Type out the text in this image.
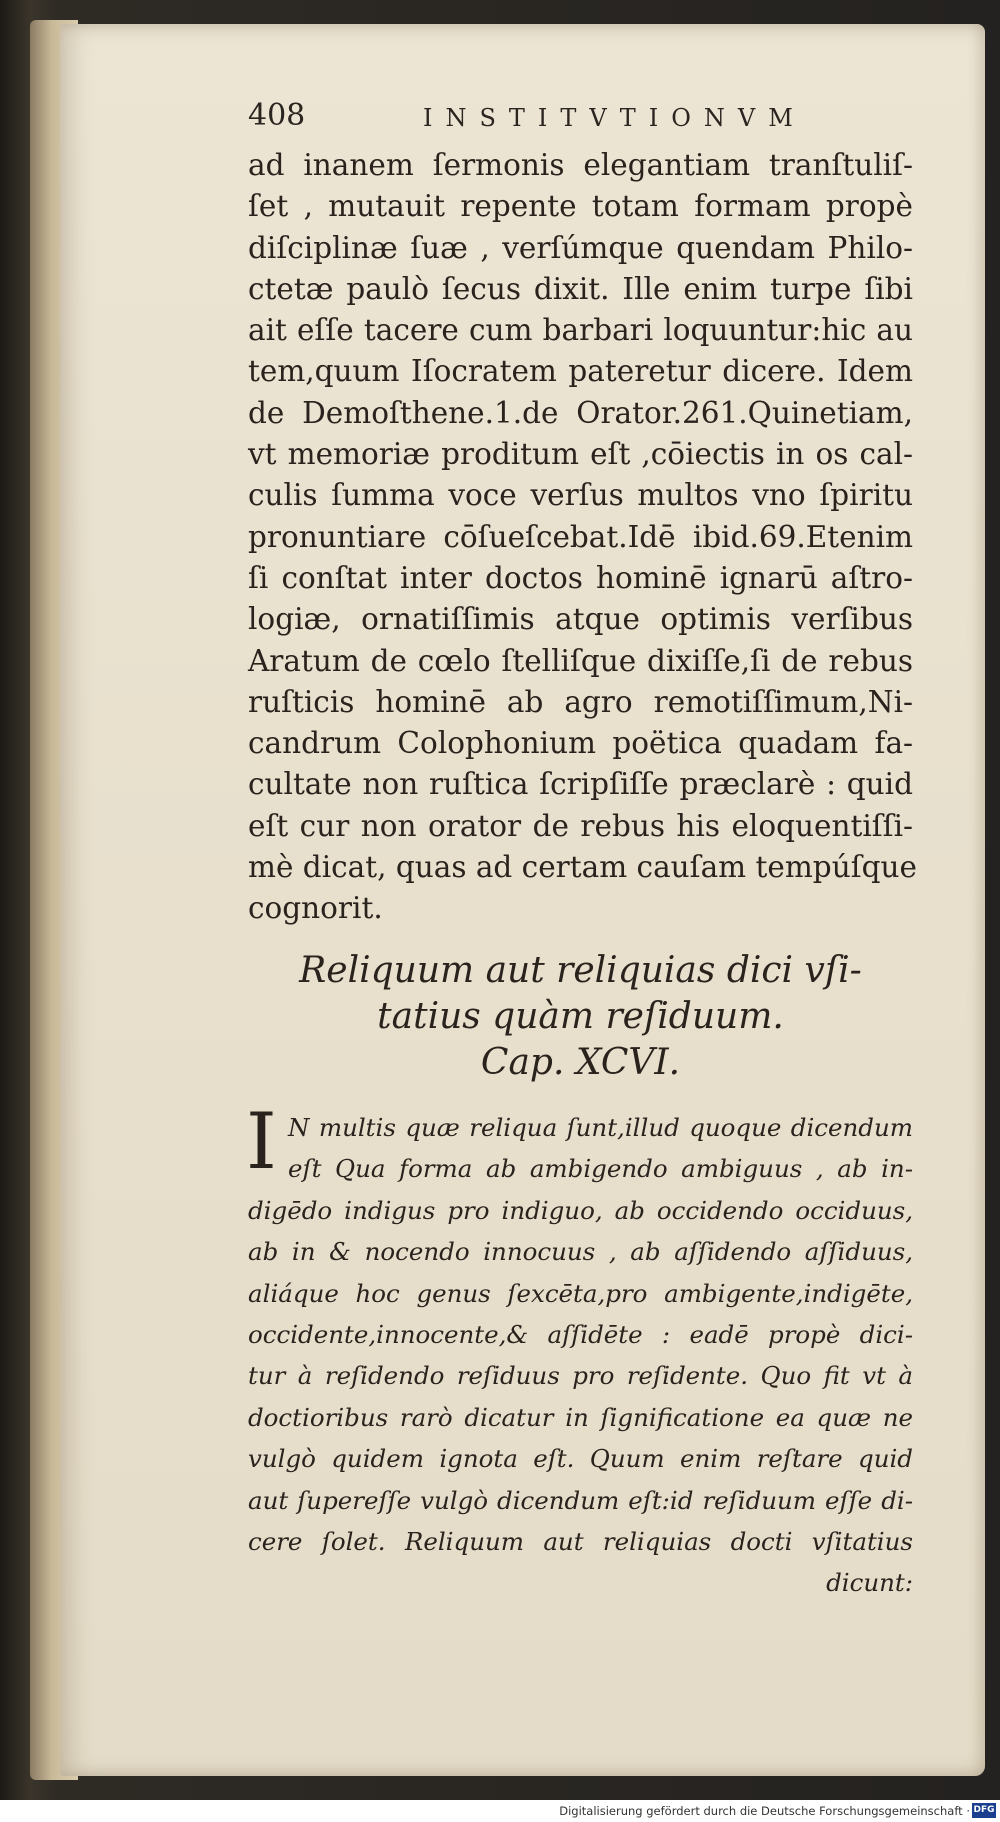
408	INSTITVTIONVM
ad inanem ſermonis elegantiam tranſtuliſ-
ſet , mutauit repente totam formam propè
diſciplinæ ſuæ , verſúmque quendam Philo-
ctetæ paulò ſecus dixit. Ille enim turpe ſibi
ait eſſe tacere cum barbari loquuntur:hic au
tem,quum Iſocratem pateretur dicere. Idem
de Demoſthene.1.de Orator.261.Quinetiam,
vt memoriæ proditum eſt ,cōiectis in os cal-
culis ſumma voce verſus multos vno ſpiritu
pronuntiare cōſueſcebat.Idē ibid.69.Etenim
ſi conſtat inter doctos hominē ignarū aſtro-
logiæ, ornatiſſimis atque optimis verſibus
Aratum de cœlo ſtelliſque dixiſſe,ſi de rebus
ruſticis hominē ab agro remotiſſimum,Ni-
candrum Colophonium poëtica quadam fa-
cultate non ruſtica ſcripſiſſe præclarè : quid
eſt cur non orator de rebus his eloquentiſſi-
mè dicat, quas ad certam cauſam tempúſque
cognorit.
Reliquum aut reliquias dici vſi-
tatius quàm reſiduum.
Cap. XCVI.
I N multis quæ reliqua ſunt,illud quoque dicendum
eſt Qua forma ab ambigendo ambiguus , ab in-
digēdo indigus pro indiguo, ab occidendo occiduus,
ab in & nocendo innocuus , ab aſſidendo aſſiduus,
aliáque hoc genus ſexcēta,pro ambigente,indigēte,
occidente,innocente,& aſſidēte : eadē propè dici-
tur à reſidendo reſiduus pro reſidente. Quo fit vt à
doctioribus rarò dicatur in ſignificatione ea quæ ne
vulgò quidem ignota eſt. Quum enim reſtare quid
aut ſupereſſe vulgò dicendum eſt:id reſiduum eſſe di-
cere ſolet. Reliquum aut reliquias docti vſitatius
dicunt:
Digitalisierung gefördert durch die Deutsche Forschungsgemeinschaft · DFG
